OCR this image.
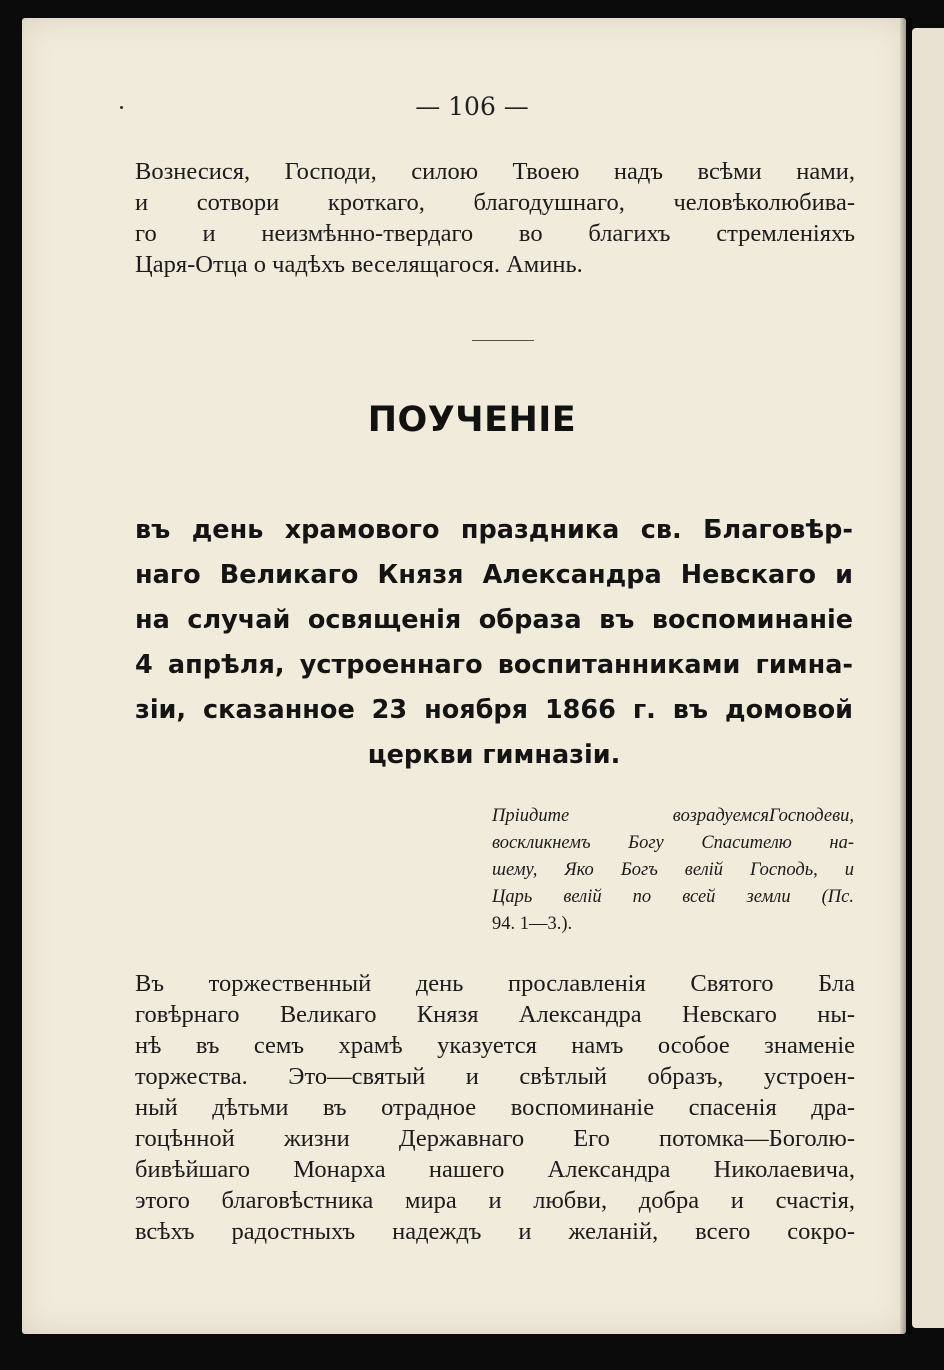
— 106 —
Вознесися, Господи, силою Твоею надъ всѣми нами,
и сотвори кроткаго, благодушнаго, человѣколюбива-
го и неизмѣнно-твердаго во благихъ стремленіяхъ
Царя-Отца о чадѣхъ веселящагося. Аминь.
ПОУЧЕНІЕ
въ день храмового праздника св. Благовѣр-
наго Великаго Князя Александра Невскаго и
на случай освященія образа въ воспоминаніе
4 апрѣля, устроеннаго воспитанниками гимна-
зіи, сказанное 23 ноября 1866 г. въ домовой
церкви гимназіи.
Пріидите возрадуемсяГосподеви,
воскликнемъ Богу Спасителю на-
шему, Яко Богъ велій Господь, и
Царь велій по всей земли (Пс.
94. 1—3.).
Въ торжественный день прославленія Святого Бла
говѣрнаго Великаго Князя Александра Невскаго ны-
нѣ въ семъ храмѣ указуется намъ особое знаменіе
торжества. Это—святый и свѣтлый образъ, устроен-
ный дѣтьми въ отрадное воспоминаніе спасенія дра-
гоцѣнной жизни Державнаго Его потомка—Боголю-
бивѣйшаго Монарха нашего Александра Николаевича,
этого благовѣстника мира и любви, добра и счастія,
всѣхъ радостныхъ надеждъ и желаній, всего сокро-
